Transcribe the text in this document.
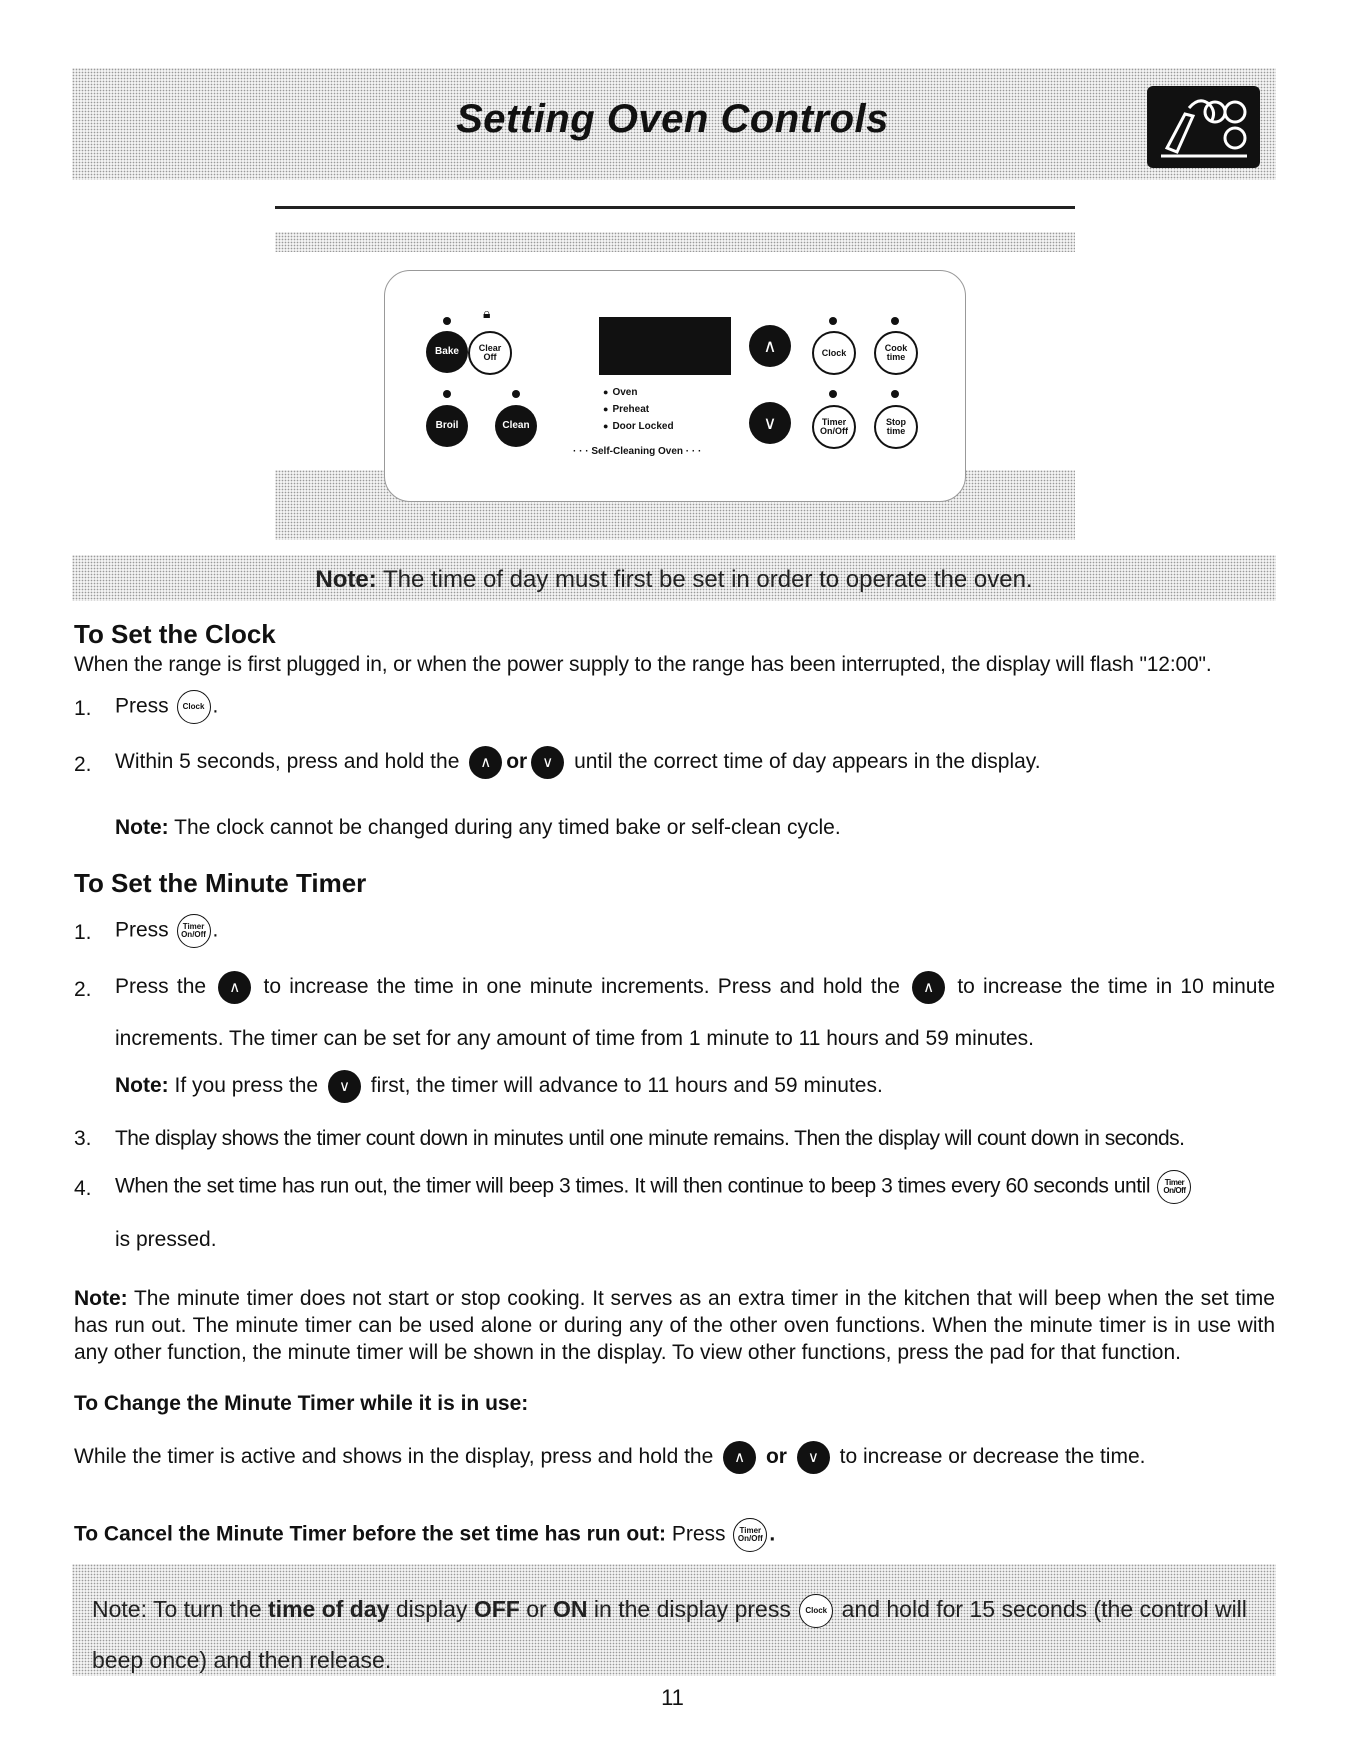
Setting Oven Controls
🔒︎
Bake Clear
Off
Broil	Clean
● Oven
● Preheat
● Door Locked
· · · Self-Cleaning Oven · · ·
∧
∨
Clock	Cook
time
Timer
On/Off
Stop
time
Note: The time of day must first be set in order to operate the oven.
To Set the Clock
When the range is first plugged in, or when the power supply to the range has been interrupted, the display will flash "12:00".
1. Press Clock .
2. Within 5 seconds, press and hold the ∧ or ∨ until the correct time of day appears in the display.
Note: The clock cannot be changed during any timed bake or self-clean cycle.
To Set the Minute Timer
1. Press Timer
On/Off .
2. Press the ∧ to increase the time in one minute increments. Press and hold the ∧ to increase the time in 10 minute
increments. The timer can be set for any amount of time from 1 minute to 11 hours and 59 minutes.
Note: If you press the ∨ first, the timer will advance to 11 hours and 59 minutes.
3. The display shows the timer count down in minutes until one minute remains. Then the display will count down in seconds.
4. When the set time has run out, the timer will beep 3 times. It will then continue to beep 3 times every 60 seconds until Timer
On/Off
is pressed.
Note: The minute timer does not start or stop cooking. It serves as an extra timer in the kitchen that will beep when the set time has run out. The minute timer can be used alone or during any of the other oven functions. When the minute timer is in use with any other function, the minute timer will be shown in the display. To view other functions, press the pad for that function.
To Change the Minute Timer while it is in use:
While the timer is active and shows in the display, press and hold the ∧ or ∨ to increase or decrease the time.
To Cancel the Minute Timer before the set time has run out: Press Timer
On/Off .
Note: To turn the time of day display OFF or ON in the display press Clock and hold for 15 seconds (the control will beep once) and then release.
11
